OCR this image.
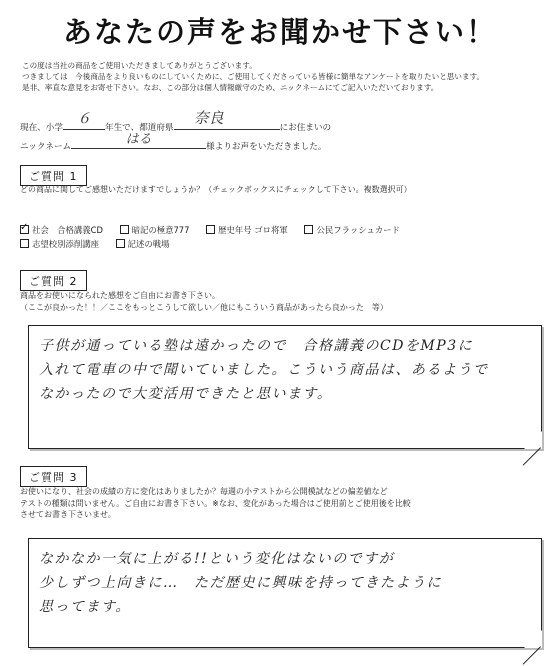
あなたの声をお聞かせ下さい！
この度は当社の商品をご使用いただきましてありがとうございます。
つきましては　今後商品をより良いものにしていくために、ご使用してくださっている皆様に簡単なアンケートを取りたいと思います。
是非、率直な意見をお寄せ下さい。なお、この部分は個人情報厳守のため、ニックネームにてご記入いただいております。
現在、小学
６
年生で、都道府県
奈良
にお住まいの
ニックネーム	はる	様よりお声をいただきました。
ご質問 1
どの商品に関してご感想いただけますでしょうか？（チェックボックスにチェックして下さい。複数選択可）
✓社会　合格講義CD	暗記の極意777	歴史年号 ゴロ将軍	公民フラッシュカード
志望校別添削講座	記述の戦場
ご質問 2
商品をお使いになられた感想をご自由にお書き下さい。
（ここが良かった！！／ここをもっとこうして欲しい／他にもこういう商品があったら良かった　等）
子供が通っている塾は遠かったので　合格講義のCDをMP3に
入れて電車の中で聞いていました。こういう商品は、あるようで
なかったので大変活用できたと思います。
ご質問 3
お使いになり、社会の成績の方に変化はありましたか？毎週の小テストから公開模試などの偏差値など
テストの種類は問いません。ご自由にお書き下さい。※なお、変化があった場合はご使用前とご使用後を比較
させてお書き下さいませ。
なかなか一気に上がる!!という変化はないのですが
少しずつ上向きに…　ただ歴史に興味を持ってきたように
思ってます。
